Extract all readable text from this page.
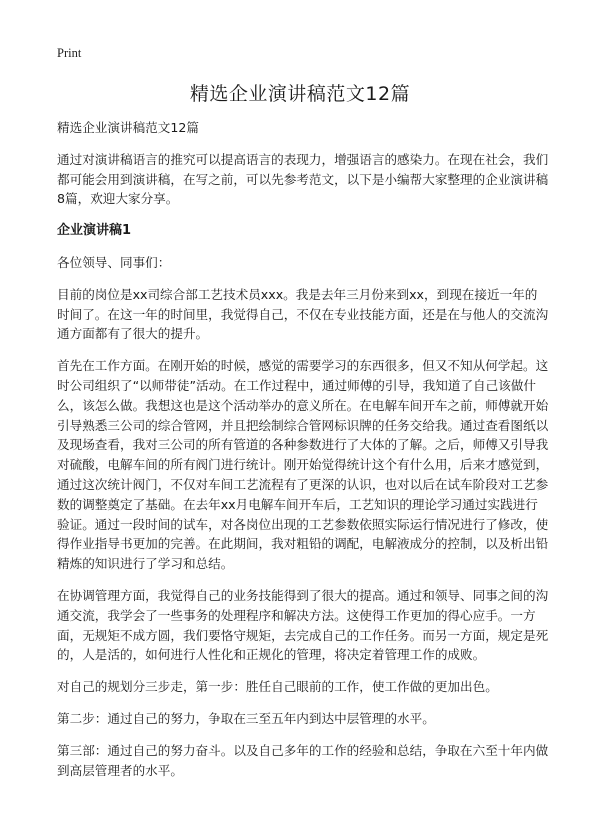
Print
精选企业演讲稿范文12篇

精选企业演讲稿范文12篇

通过对演讲稿语言的推究可以提高语言的表现力，增强语言的感染力。在现在社会，我们都可能会用到演讲稿，在写之前，可以先参考范文，以下是小编帮大家整理的企业演讲稿8篇，欢迎大家分享。

企业演讲稿1

各位领导、同事们：

目前的岗位是xx司综合部工艺技术员xxx。我是去年三月份来到xx，到现在接近一年的时间了。在这一年的时间里，我觉得自己，不仅在专业技能方面，还是在与他人的交流沟通方面都有了很大的提升。

首先在工作方面。在刚开始的时候，感觉的需要学习的东西很多，但又不知从何学起。这时公司组织了“以师带徒”活动。在工作过程中，通过师傅的引导，我知道了自己该做什么，该怎么做。我想这也是这个活动举办的意义所在。在电解车间开车之前，师傅就开始引导熟悉三公司的综合管网，并且把绘制综合管网标识牌的任务交给我。通过查看图纸以及现场查看，我对三公司的所有管道的各种参数进行了大体的了解。之后，师傅又引导我对硫酸，电解车间的所有阀门进行统计。刚开始觉得统计这个有什么用，后来才感觉到，通过这次统计阀门，不仅对车间工艺流程有了更深的认识，也对以后在试车阶段对工艺参数的调整奠定了基础。在去年xx月电解车间开车后，工艺知识的理论学习通过实践进行验证。通过一段时间的试车，对各岗位出现的工艺参数依照实际运行情况进行了修改，使得作业指导书更加的完善。在此期间，我对粗铅的调配，电解液成分的控制，以及析出铅精炼的知识进行了学习和总结。

在协调管理方面，我觉得自己的业务技能得到了很大的提高。通过和领导、同事之间的沟通交流，我学会了一些事务的处理程序和解决方法。这使得工作更加的得心应手。一方面，无规矩不成方圆，我们要恪守规矩，去完成自己的工作任务。而另一方面，规定是死的，人是活的，如何进行人性化和正规化的管理，将决定着管理工作的成败。

对自己的规划分三步走，第一步：胜任自己眼前的工作，使工作做的更加出色。

第二步：通过自己的努力，争取在三至五年内到达中层管理的水平。

第三部：通过自己的努力奋斗。以及自己多年的工作的经验和总结，争取在六至十年内做到高层管理者的水平。
